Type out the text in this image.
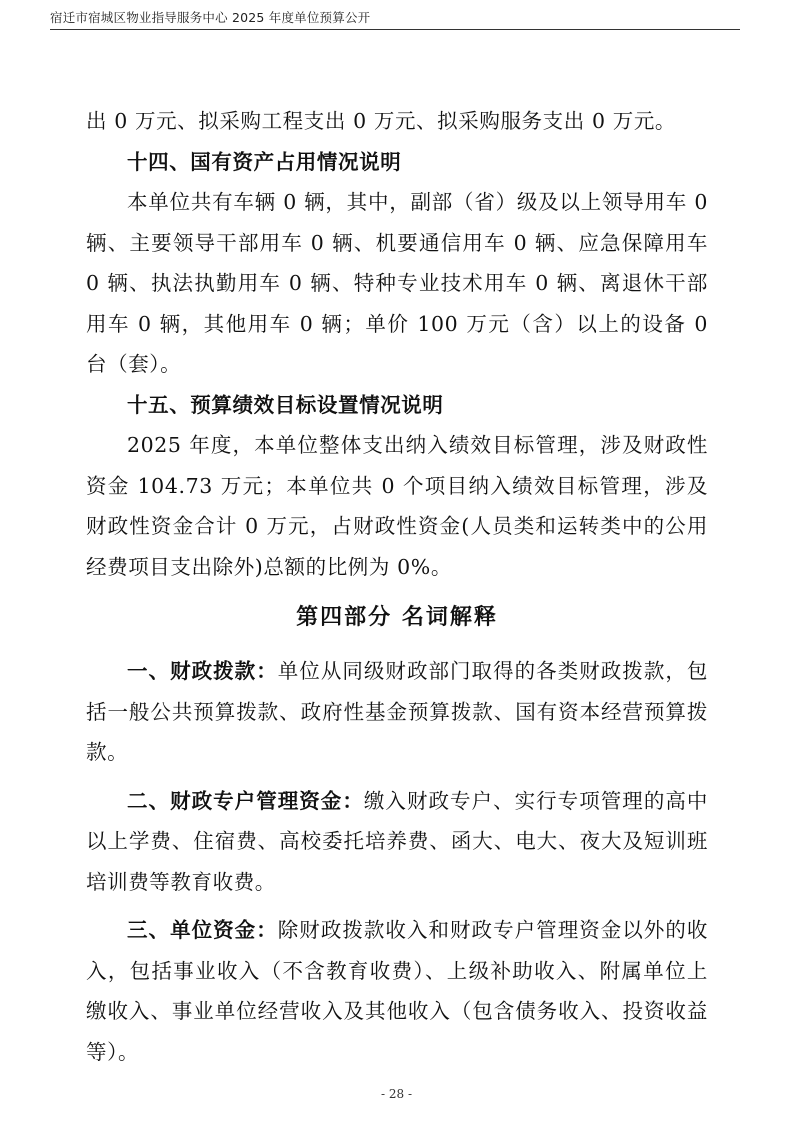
宿迁市宿城区物业指导服务中心 2025 年度单位预算公开

出 0 万元、拟采购工程支出 0 万元、拟采购服务支出 0 万元。

十四、国有资产占用情况说明

本单位共有车辆 0 辆，其中，副部（省）级及以上领导用车 0 辆、主要领导干部用车 0 辆、机要通信用车 0 辆、应急保障用车 0 辆、执法执勤用车 0 辆、特种专业技术用车 0 辆、离退休干部用车 0 辆，其他用车 0 辆；单价 100 万元（含）以上的设备 0 台（套）。

十五、预算绩效目标设置情况说明

2025 年度，本单位整体支出纳入绩效目标管理，涉及财政性资金 104.73 万元；本单位共 0 个项目纳入绩效目标管理，涉及财政性资金合计 0 万元，占财政性资金(人员类和运转类中的公用经费项目支出除外)总额的比例为 0%。

第四部分 名词解释

一、财政拨款：单位从同级财政部门取得的各类财政拨款，包括一般公共预算拨款、政府性基金预算拨款、国有资本经营预算拨款。

二、财政专户管理资金：缴入财政专户、实行专项管理的高中以上学费、住宿费、高校委托培养费、函大、电大、夜大及短训班培训费等教育收费。

三、单位资金：除财政拨款收入和财政专户管理资金以外的收入，包括事业收入（不含教育收费）、上级补助收入、附属单位上缴收入、事业单位经营收入及其他收入（包含债务收入、投资收益等）。

- 28 -
